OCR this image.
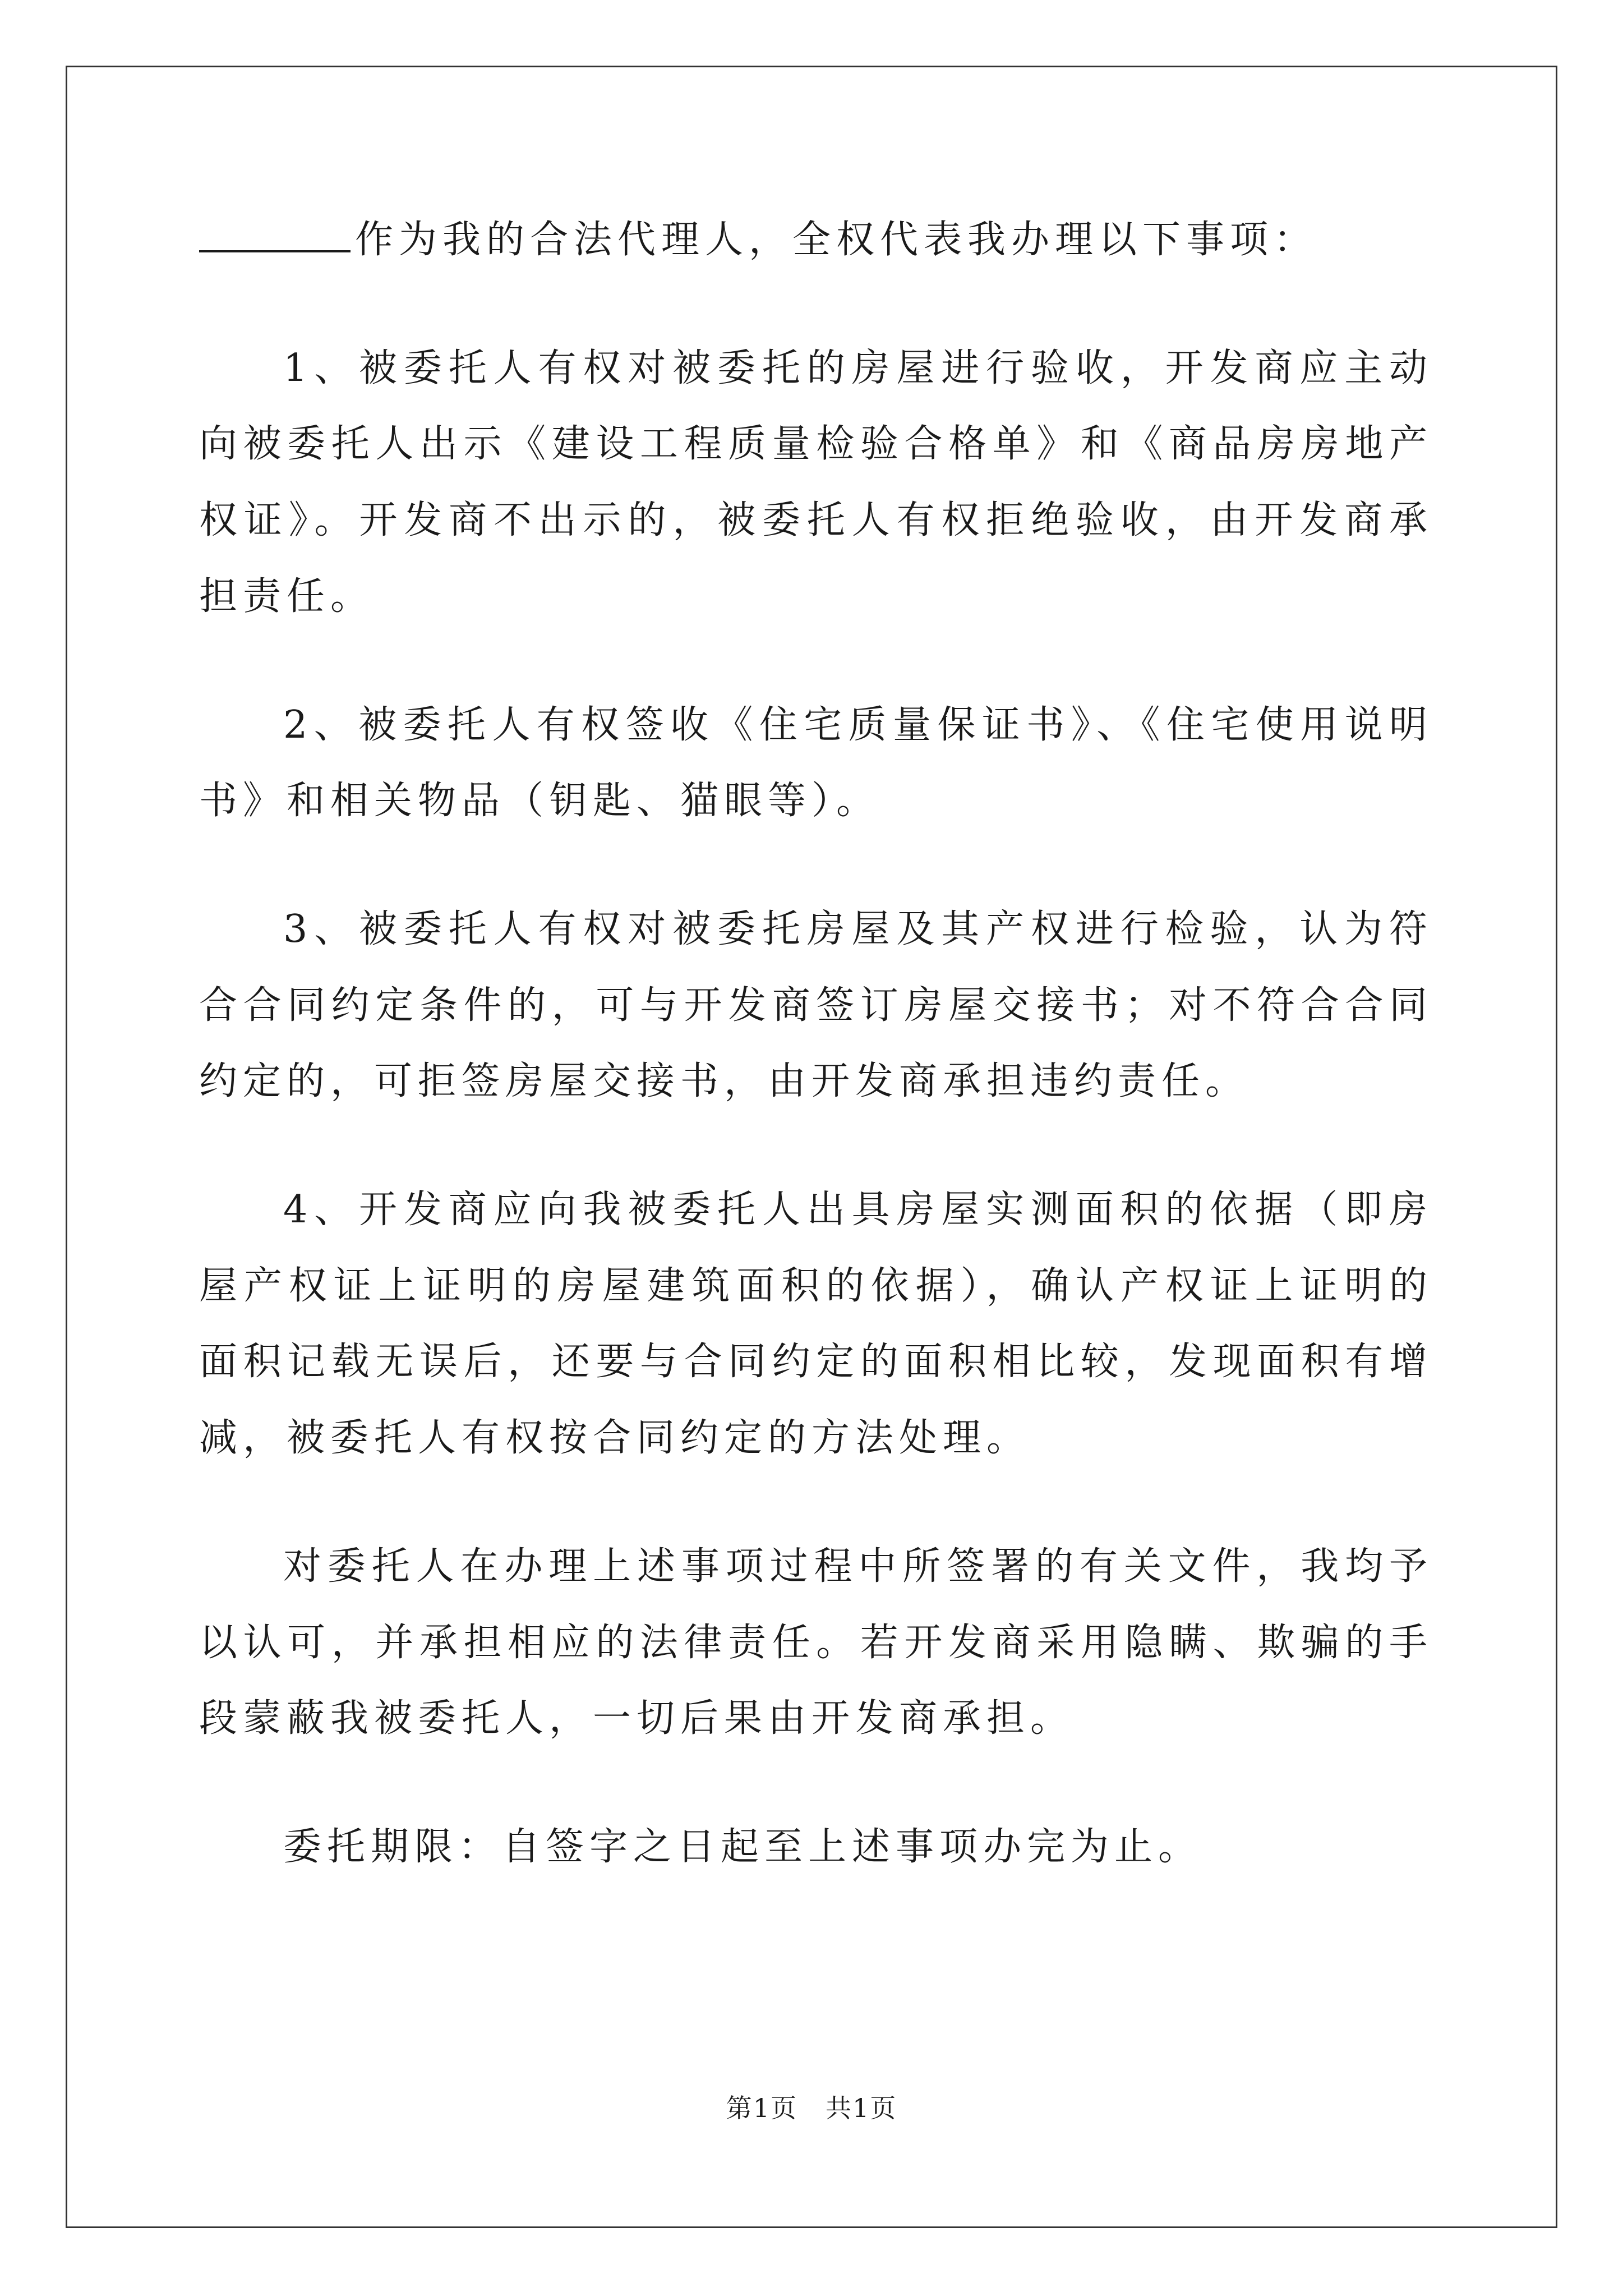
作为我的合法代理人，全权代表我办理以下事项：

1、被委托人有权对被委托的房屋进行验收，开发商应主动向被委托人出示《建设工程质量检验合格单》和《商品房房地产权证》。开发商不出示的，被委托人有权拒绝验收，由开发商承担责任。

2、被委托人有权签收《住宅质量保证书》、《住宅使用说明书》和相关物品（钥匙、猫眼等）。

3、被委托人有权对被委托房屋及其产权进行检验，认为符合合同约定条件的，可与开发商签订房屋交接书；对不符合合同约定的，可拒签房屋交接书，由开发商承担违约责任。

4、开发商应向我被委托人出具房屋实测面积的依据（即房屋产权证上证明的房屋建筑面积的依据），确认产权证上证明的面积记载无误后，还要与合同约定的面积相比较，发现面积有增减，被委托人有权按合同约定的方法处理。

对委托人在办理上述事项过程中所签署的有关文件，我均予以认可，并承担相应的法律责任。若开发商采用隐瞒、欺骗的手段蒙蔽我被委托人，一切后果由开发商承担。

委托期限：自签字之日起至上述事项办完为止。

第1页 共1页
